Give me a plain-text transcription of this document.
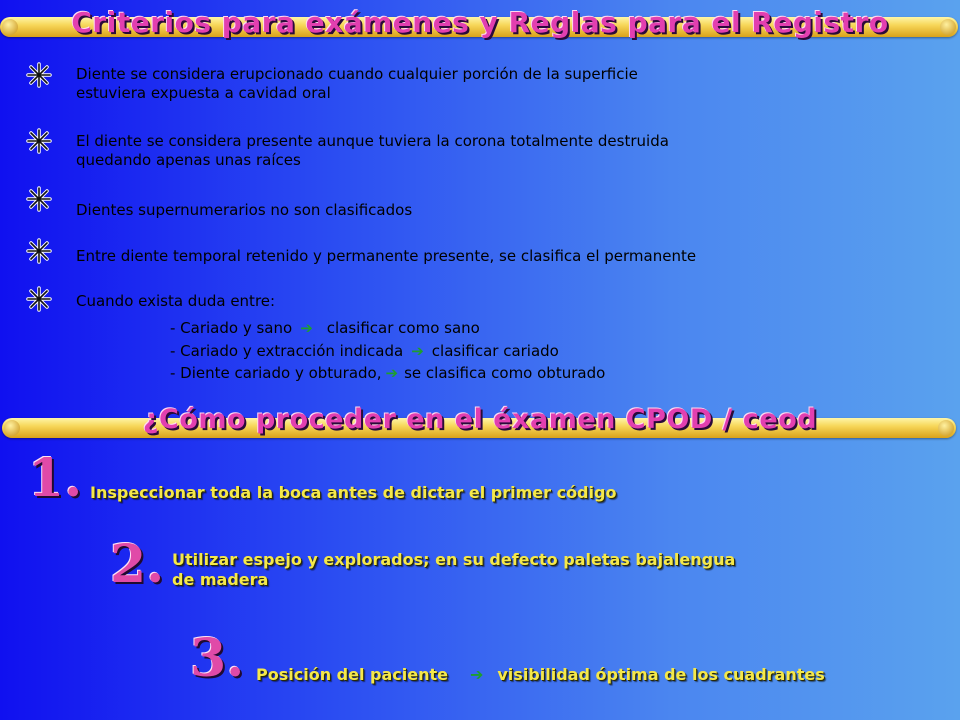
Criterios para exámenes y Reglas para el Registro
Diente se considera erupcionado cuando cualquier porción de la superficie
estuviera expuesta a cavidad oral
El diente se considera presente aunque tuviera la corona totalmente destruida
quedando apenas unas raíces
Dientes supernumerarios no son clasificados
Entre diente temporal retenido y permanente presente, se clasifica el permanente
Cuando exista duda entre:
- Cariado y sano ➔ clasificar como sano
- Cariado y extracción indicada ➔ clasificar cariado
- Diente cariado y obturado, ➔ se clasifica como obturado
¿Cómo proceder en el éxamen CPOD / ceod
1. Inspeccionar toda la boca antes de dictar el primer código
2. Utilizar espejo y explorados; en su defecto paletas bajalengua
de madera
3. Posición del paciente ➔ visibilidad óptima de los cuadrantes
